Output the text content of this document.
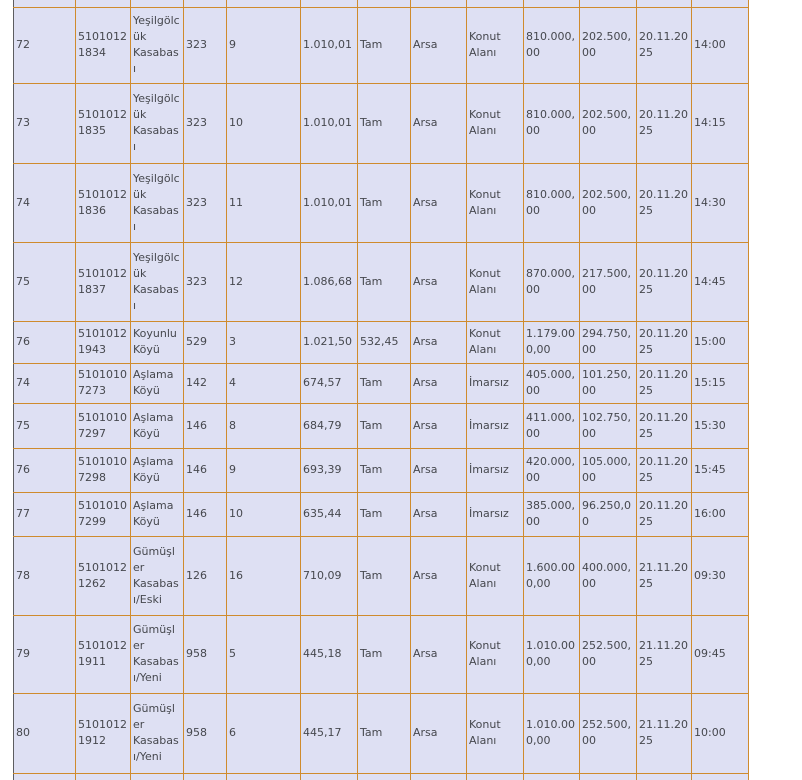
72	51010121834	Yeşilgölcük Kasabası	323	9	1.010,01	Tam	Arsa	Konut Alanı	810.000,00	202.500,00	20.11.2025	14:00
73	51010121835	Yeşilgölcük Kasabası	323	10	1.010,01	Tam	Arsa	Konut Alanı	810.000,00	202.500,00	20.11.2025	14:15
74	51010121836	Yeşilgölcük Kasabası	323	11	1.010,01	Tam	Arsa	Konut Alanı	810.000,00	202.500,00	20.11.2025	14:30
75	51010121837	Yeşilgölcük Kasabası	323	12	1.086,68	Tam	Arsa	Konut Alanı	870.000,00	217.500,00	20.11.2025	14:45
76	51010121943	Koyunlu Köyü	529	3	1.021,50	532,45	Arsa	Konut Alanı	1.179.000,00	294.750,00	20.11.2025	15:00
74	51010107273	Aşlama Köyü	142	4	674,57	Tam	Arsa	İmarsız	405.000,00	101.250,00	20.11.2025	15:15
75	51010107297	Aşlama Köyü	146	8	684,79	Tam	Arsa	İmarsız	411.000,00	102.750,00	20.11.2025	15:30
76	51010107298	Aşlama Köyü	146	9	693,39	Tam	Arsa	İmarsız	420.000,00	105.000,00	20.11.2025	15:45
77	51010107299	Aşlama Köyü	146	10	635,44	Tam	Arsa	İmarsız	385.000,00	96.250,00	20.11.2025	16:00
78	51010121262	Gümüşler Kasabası/Eski	126	16	710,09	Tam	Arsa	Konut Alanı	1.600.000,00	400.000,00	21.11.2025	09:30
79	51010121911	Gümüşler Kasabası/Yeni	958	5	445,18	Tam	Arsa	Konut Alanı	1.010.000,00	252.500,00	21.11.2025	09:45
80	51010121912	Gümüşler Kasabası/Yeni	958	6	445,17	Tam	Arsa	Konut Alanı	1.010.000,00	252.500,00	21.11.2025	10:00
